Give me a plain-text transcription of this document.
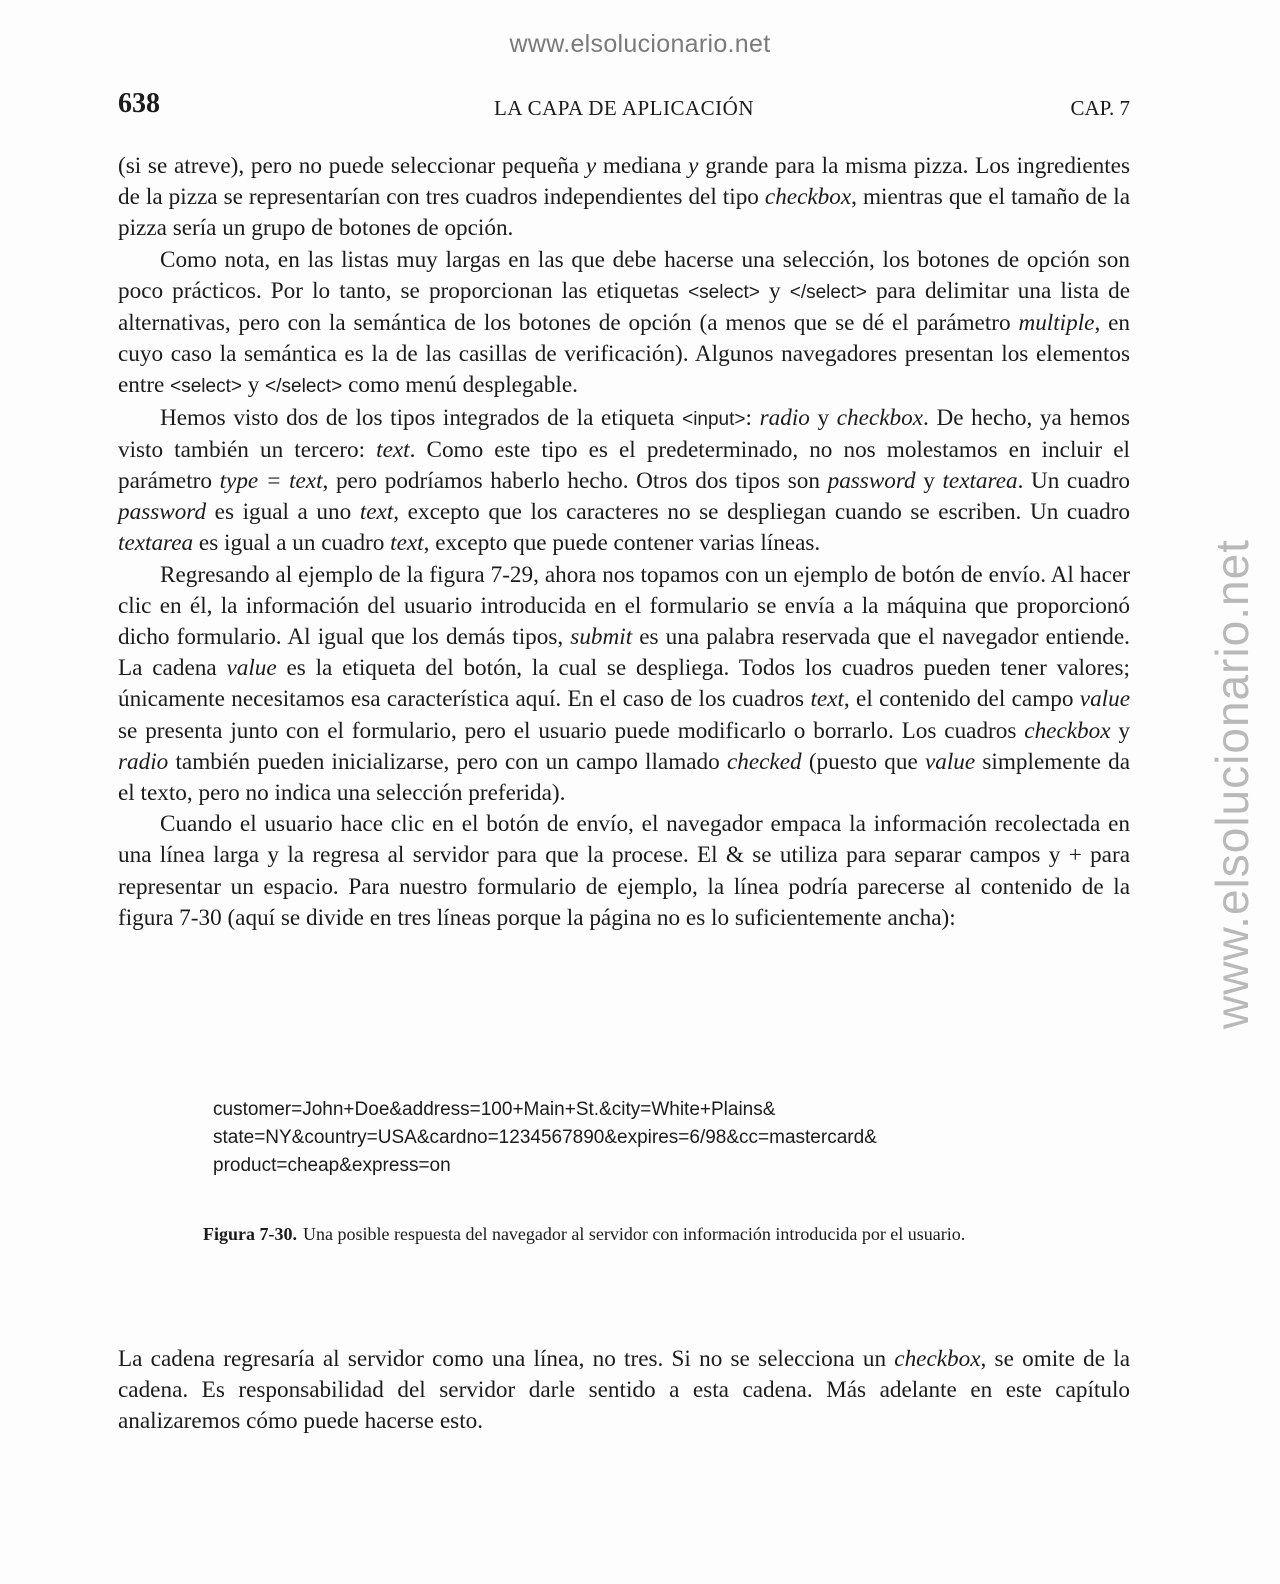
www.elsolucionario.net
www.elsolucionario.net
638	LA CAPA DE APLICACIÓN	CAP. 7

(si se atreve), pero no puede seleccionar pequeña y mediana y grande para la misma pizza. Los ingredientes de la pizza se representarían con tres cuadros independientes del tipo checkbox, mientras que el tamaño de la pizza sería un grupo de botones de opción.

Como nota, en las listas muy largas en las que debe hacerse una selección, los botones de opción son poco prácticos. Por lo tanto, se proporcionan las etiquetas <select> y </select> para delimitar una lista de alternativas, pero con la semántica de los botones de opción (a menos que se dé el parámetro multiple, en cuyo caso la semántica es la de las casillas de verificación). Algunos navegadores presentan los elementos entre <select> y </select> como menú desplegable.

Hemos visto dos de los tipos integrados de la etiqueta <input>: radio y checkbox. De hecho, ya hemos visto también un tercero: text. Como este tipo es el predeterminado, no nos molestamos en incluir el parámetro type = text, pero podríamos haberlo hecho. Otros dos tipos son password y textarea. Un cuadro password es igual a uno text, excepto que los caracteres no se despliegan cuando se escriben. Un cuadro textarea es igual a un cuadro text, excepto que puede contener varias líneas.

Regresando al ejemplo de la figura 7-29, ahora nos topamos con un ejemplo de botón de envío. Al hacer clic en él, la información del usuario introducida en el formulario se envía a la máquina que proporcionó dicho formulario. Al igual que los demás tipos, submit es una palabra reservada que el navegador entiende. La cadena value es la etiqueta del botón, la cual se despliega. Todos los cuadros pueden tener valores; únicamente necesitamos esa característica aquí. En el caso de los cuadros text, el contenido del campo value se presenta junto con el formulario, pero el usuario puede modificarlo o borrarlo. Los cuadros checkbox y radio también pueden inicializarse, pero con un campo llamado checked (puesto que value simplemente da el texto, pero no indica una selección preferida).

Cuando el usuario hace clic en el botón de envío, el navegador empaca la información recolectada en una línea larga y la regresa al servidor para que la procese. El & se utiliza para separar campos y + para representar un espacio. Para nuestro formulario de ejemplo, la línea podría parecerse al contenido de la figura 7-30 (aquí se divide en tres líneas porque la página no es lo suficientemente ancha):

customer=John+Doe&address=100+Main+St.&city=White+Plains&
state=NY&country=USA&cardno=1234567890&expires=6/98&cc=mastercard&
product=cheap&express=on
Figura 7-30. Una posible respuesta del navegador al servidor con información introducida por el usuario.

La cadena regresaría al servidor como una línea, no tres. Si no se selecciona un checkbox, se omite de la cadena. Es responsabilidad del servidor darle sentido a esta cadena. Más adelante en este capítulo analizaremos cómo puede hacerse esto.
